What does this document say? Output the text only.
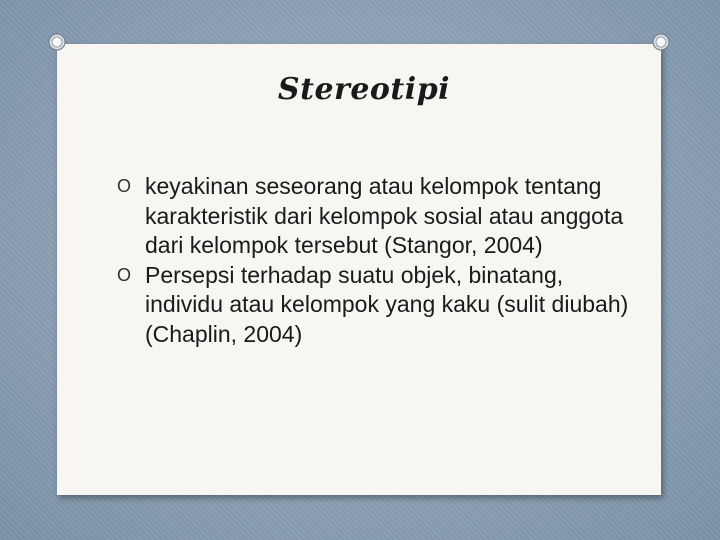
Stereotipi
O keyakinan seseorang atau kelompok tentang karakteristik dari kelompok sosial atau anggota dari kelompok tersebut (Stangor, 2004)
O Persepsi terhadap suatu objek, binatang, individu atau kelompok yang kaku (sulit diubah)(Chaplin, 2004)
